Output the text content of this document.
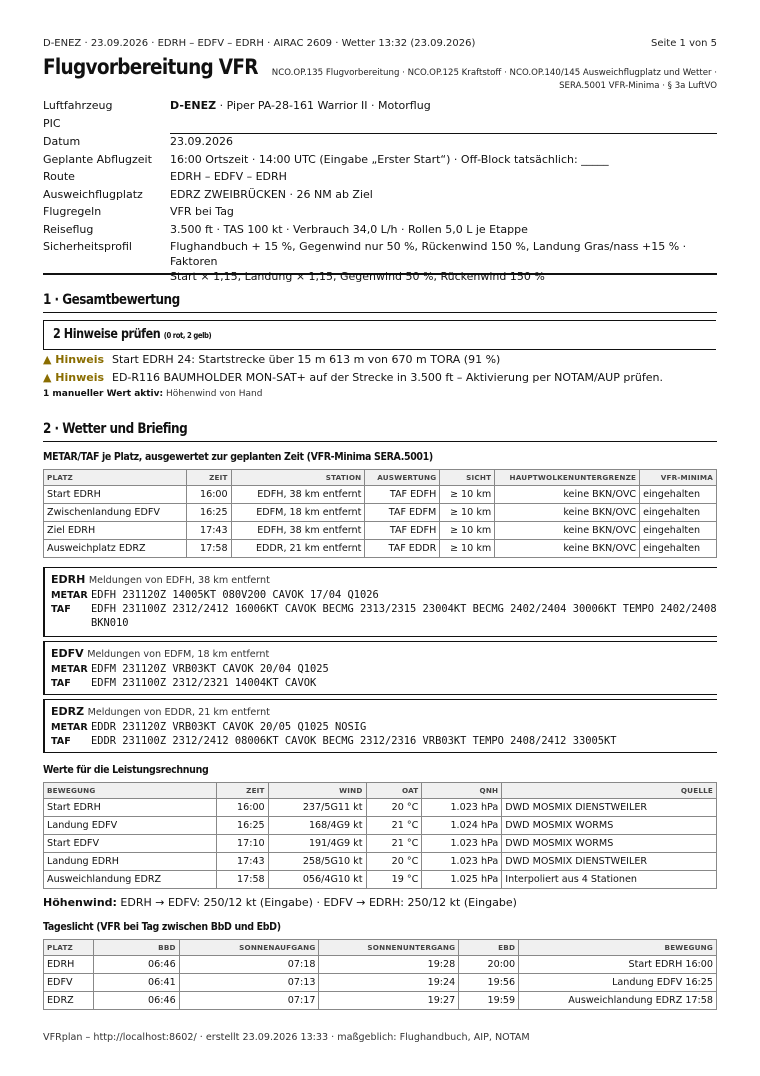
D-ENEZ · 23.09.2026 · EDRH – EDFV – EDRH · AIRAC 2609 · Wetter 13:32 (23.09.2026)	Seite 1 von 5
Flugvorbereitung VFR	NCO.OP.135 Flugvorbereitung · NCO.OP.125 Kraftstoff · NCO.OP.140/145 Ausweichflugplatz und Wetter ·
SERA.5001 VFR-Minima · § 3a LuftVO
Luftfahrzeug	D-ENEZ · Piper PA-28-161 Warrior II · Motorflug
PIC	
Datum	23.09.2026
Geplante Abflugzeit	16:00 Ortszeit · 14:00 UTC (Eingabe „Erster Start“) · Off-Block tatsächlich: _____
Route	EDRH – EDFV – EDRH
Ausweichflugplatz	EDRZ ZWEIBRÜCKEN · 26 NM ab Ziel
Flugregeln	VFR bei Tag
Reiseflug	3.500 ft · TAS 100 kt · Verbrauch 34,0 L/h · Rollen 5,0 L je Etappe
Sicherheitsprofil	Flughandbuch + 15 %, Gegenwind nur 50 %, Rückenwind 150 %, Landung Gras/nass +15 % · Faktoren
Start × 1,15, Landung × 1,15, Gegenwind 50 %, Rückenwind 150 %
1 · Gesamtbewertung
2 Hinweise prüfen (0 rot, 2 gelb)
▲ Hinweis Start EDRH 24: Startstrecke über 15 m 613 m von 670 m TORA (91 %)
▲ Hinweis ED-R116 BAUMHOLDER MON-SAT+ auf der Strecke in 3.500 ft – Aktivierung per NOTAM/AUP prüfen.
1 manueller Wert aktiv: Höhenwind von Hand
2 · Wetter und Briefing
METAR/TAF je Platz, ausgewertet zur geplanten Zeit (VFR-Minima SERA.5001)
PLATZ	ZEIT	STATION	AUSWERTUNG	SICHT	HAUPTWOLKENUNTERGRENZE	VFR-MINIMA
Start EDRH	16:00	EDFH, 38 km entfernt	TAF EDFH	≥ 10 km	keine BKN/OVC	eingehalten
Zwischenlandung EDFV	16:25	EDFM, 18 km entfernt	TAF EDFM	≥ 10 km	keine BKN/OVC	eingehalten
Ziel EDRH	17:43	EDFH, 38 km entfernt	TAF EDFH	≥ 10 km	keine BKN/OVC	eingehalten
Ausweichplatz EDRZ	17:58	EDDR, 21 km entfernt	TAF EDDR	≥ 10 km	keine BKN/OVC	eingehalten
EDRH Meldungen von EDFH, 38 km entfernt
METAR EDFH 231120Z 14005KT 080V200 CAVOK 17/04 Q1026
TAF EDFH 231100Z 2312/2412 16006KT CAVOK BECMG 2313/2315 23004KT BECMG 2402/2404 30006KT TEMPO 2402/2408
BKN010
EDFV Meldungen von EDFM, 18 km entfernt
METAR EDFM 231120Z VRB03KT CAVOK 20/04 Q1025
TAF EDFM 231100Z 2312/2321 14004KT CAVOK
EDRZ Meldungen von EDDR, 21 km entfernt
METAR EDDR 231120Z VRB03KT CAVOK 20/05 Q1025 NOSIG
TAF EDDR 231100Z 2312/2412 08006KT CAVOK BECMG 2312/2316 VRB03KT TEMPO 2408/2412 33005KT
Werte für die Leistungsrechnung
BEWEGUNG	ZEIT	WIND	OAT	QNH	QUELLE
Start EDRH	16:00	237/5G11 kt	20 °C	1.023 hPa	DWD MOSMIX DIENSTWEILER
Landung EDFV	16:25	168/4G9 kt	21 °C	1.024 hPa	DWD MOSMIX WORMS
Start EDFV	17:10	191/4G9 kt	21 °C	1.023 hPa	DWD MOSMIX WORMS
Landung EDRH	17:43	258/5G10 kt	20 °C	1.023 hPa	DWD MOSMIX DIENSTWEILER
Ausweichlandung EDRZ	17:58	056/4G10 kt	19 °C	1.025 hPa	Interpoliert aus 4 Stationen
Höhenwind: EDRH → EDFV: 250/12 kt (Eingabe) · EDFV → EDRH: 250/12 kt (Eingabe)
Tageslicht (VFR bei Tag zwischen BbD und EbD)
PLATZ	BBD	SONNENAUFGANG	SONNENUNTERGANG	EBD	BEWEGUNG
EDRH	06:46	07:18	19:28	20:00	Start EDRH 16:00
EDFV	06:41	07:13	19:24	19:56	Landung EDFV 16:25
EDRZ	06:46	07:17	19:27	19:59	Ausweichlandung EDRZ 17:58
VFRplan – http://localhost:8602/ · erstellt 23.09.2026 13:33 · maßgeblich: Flughandbuch, AIP, NOTAM
